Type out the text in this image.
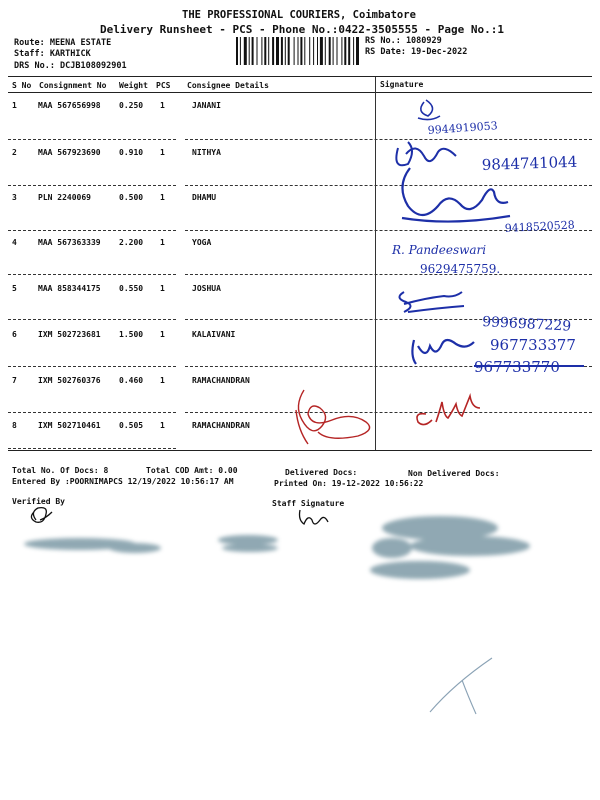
THE PROFESSIONAL COURIERS, Coimbatore
Delivery Runsheet - PCS - Phone No.:0422-3505555 - Page No.:1
Route: MEENA ESTATE
Staff: KARTHICK
DRS No.: DCJB108092901
RS No.: 1080929
RS Date: 19-Dec-2022
S No Consignment No Weight PCS Consignee Details	Signature
1	MAA 567656998 0.250 1	JANANI
2	MAA 567923690 0.910 1	NITHYA
3	PLN 2240069	0.500 1	DHAMU
4	MAA 567363339 2.200 1	YOGA
5	MAA 858344175 0.550 1	JOSHUA
6	IXM 502723681 1.500 1	KALAIVANI
7	IXM 502760376 0.460 1	RAMACHANDRAN
8	IXM 502710461 0.505 1	RAMACHANDRAN
Total No. Of Docs: 8	Total COD Amt: 0.00	Delivered Docs:	Non Delivered Docs:
Entered By :POORNIMAPCS 12/19/2022 10:56:17 AM	Printed On: 19-12-2022 10:56:22
Verified By	Staff Signature
9944919053
9844741044
9418520528
R. Pandeeswari
9629475759.
9996987229
967733377
967733770
